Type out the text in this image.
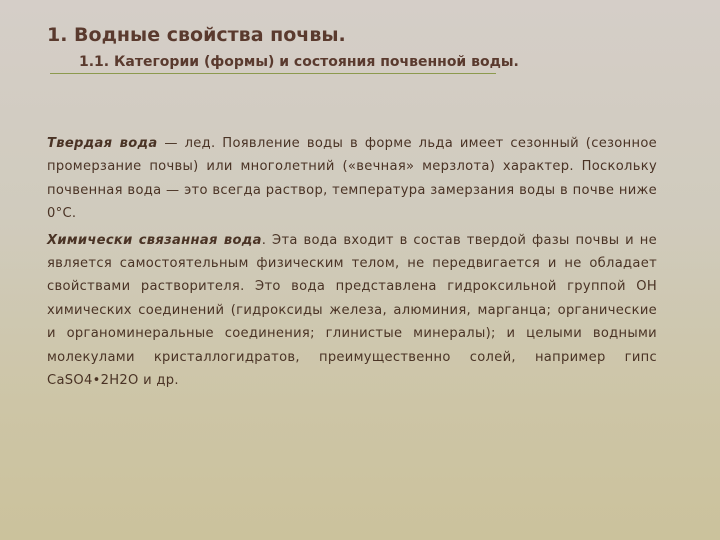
1. Водные свойства почвы.
1.1. Категории (формы) и состояния почвенной воды.

Твердая вода — лед. Появление воды в форме льда имеет сезонный (сезонное промерзание почвы) или многолетний («вечная» мерзлота) характер. Поскольку почвенная вода — это всегда раствор, температура замерзания воды в почве ниже 0°С.

Химически связанная вода. Эта вода входит в состав твердой фазы почвы и не является самостоятельным физическим телом, не передвигается и не обладает свойствами растворителя. Это вода представлена гидроксильной группой ОН химических соединений (гидроксиды железа, алюминия, марганца; органические и органоминеральные соединения; глинистые минералы); и целыми водными молекулами кристаллогидратов, преимущественно солей, например гипс СаSO4•2H2O и др.
